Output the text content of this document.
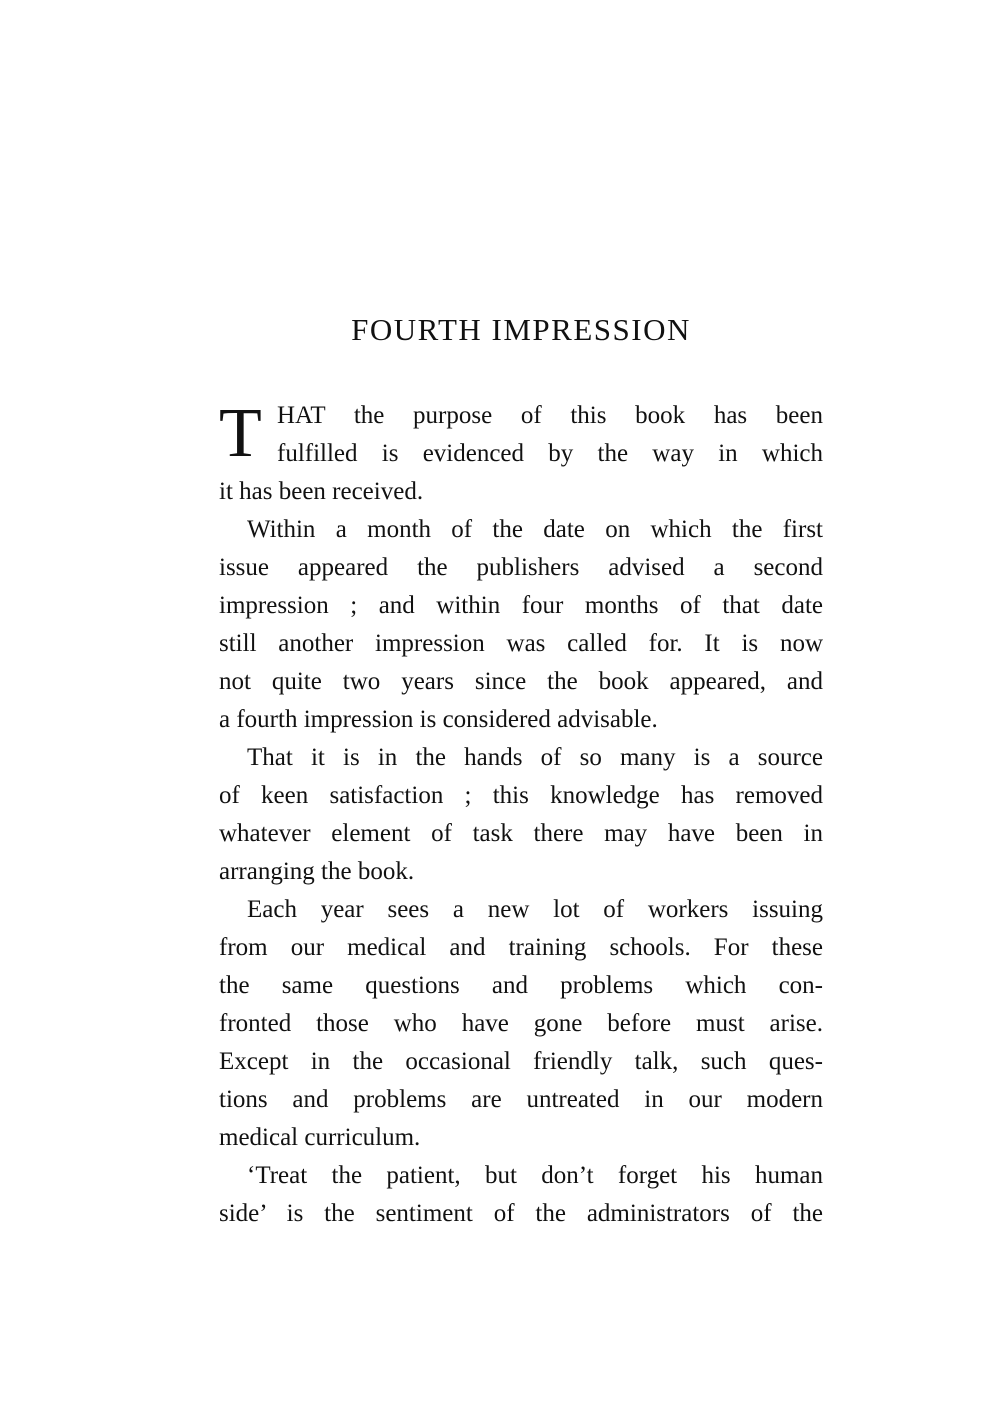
FOURTH IMPRESSION
T HAT the purpose of this book has been
fulfilled is evidenced by the way in which
it has been received.
Within a month of the date on which the first
issue appeared the publishers advised a second
impression ; and within four months of that date
still another impression was called for. It is now
not quite two years since the book appeared, and
a fourth impression is considered advisable.
That it is in the hands of so many is a source
of keen satisfaction ; this knowledge has removed
whatever element of task there may have been in
arranging the book.
Each year sees a new lot of workers issuing
from our medical and training schools. For these
the same questions and problems which con-
fronted those who have gone before must arise.
Except in the occasional friendly talk, such ques-
tions and problems are untreated in our modern
medical curriculum.
‘Treat the patient, but don’t forget his human
side’ is the sentiment of the administrators of the
